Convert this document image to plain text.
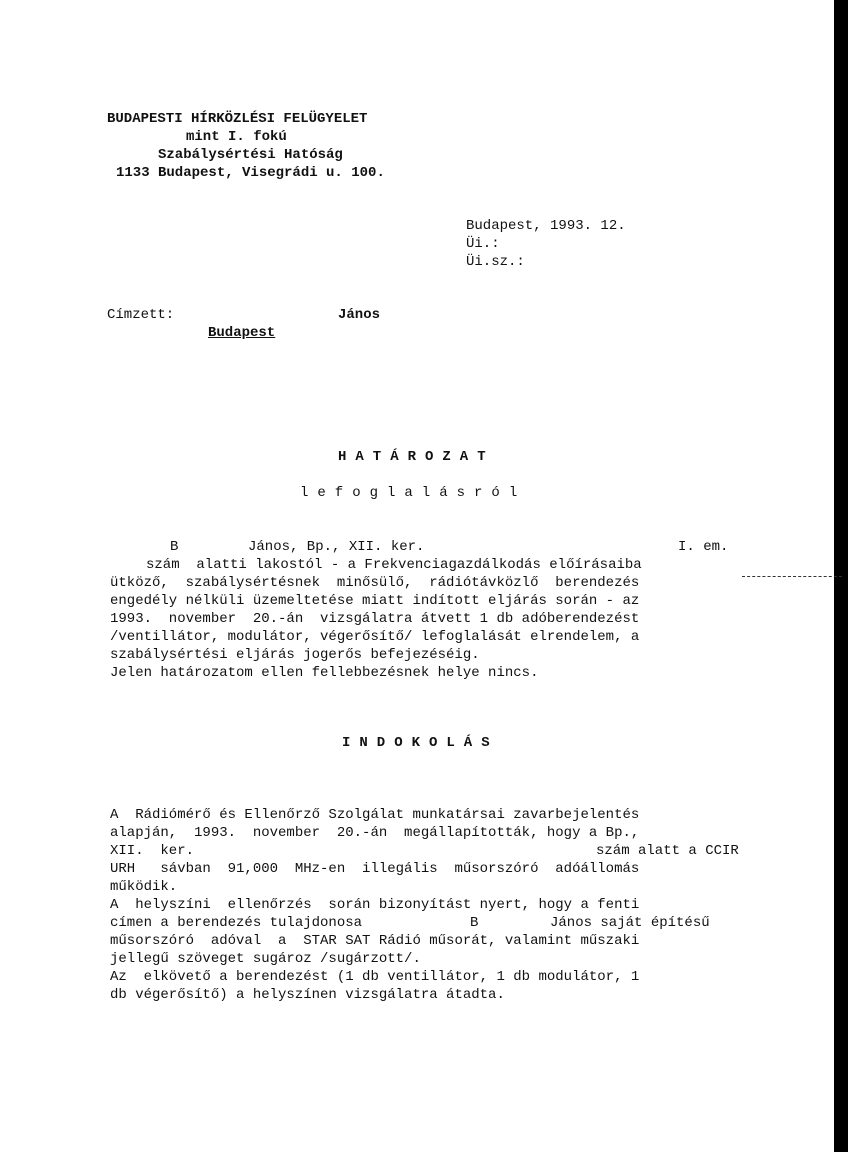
BUDAPESTI HÍRKÖZLÉSI FELÜGYELET
mint I. fokú
Szabálysértési Hatóság
1133 Budapest, Visegrádi u. 100.
Budapest, 1993. 12.
Üi.:
Üi.sz.:
Címzett:	János
Budapest
HATÁROZAT
lefoglalásról
B	János, Bp., XII. ker.	I. em.
szám  alatti lakostól - a Frekvenciagazdálkodás előírásaiba
ütköző,  szabálysértésnek  minősülő,  rádiótávközlő  berendezés
engedély nélküli üzemeltetése miatt indított eljárás során - az
1993.  november  20.-án  vizsgálatra átvett 1 db adóberendezést
/ventillátor, modulátor, végerősítő/ lefoglalását elrendelem, a
szabálysértési eljárás jogerős befejezéséig.
Jelen határozatom ellen fellebbezésnek helye nincs.
INDOKOLÁS
A  Rádiómérő és Ellenőrző Szolgálat munkatársai zavarbejelentés
alapján,  1993.  november  20.-án  megállapították, hogy a Bp.,
XII.  ker.	szám alatt a CCIR
URH   sávban  91,000  MHz-en  illegális  műsorszóró  adóállomás
működik.
A  helyszíni  ellenőrzés  során bizonyítást nyert, hogy a fenti
címen a berendezés tulajdonosa	B	János saját építésű
műsorszóró  adóval  a  STAR SAT Rádió műsorát, valamint műszaki
jellegű szöveget sugároz /sugárzott/.
Az  elkövető a berendezést (1 db ventillátor, 1 db modulátor, 1
db végerősítő) a helyszínen vizsgálatra átadta.
